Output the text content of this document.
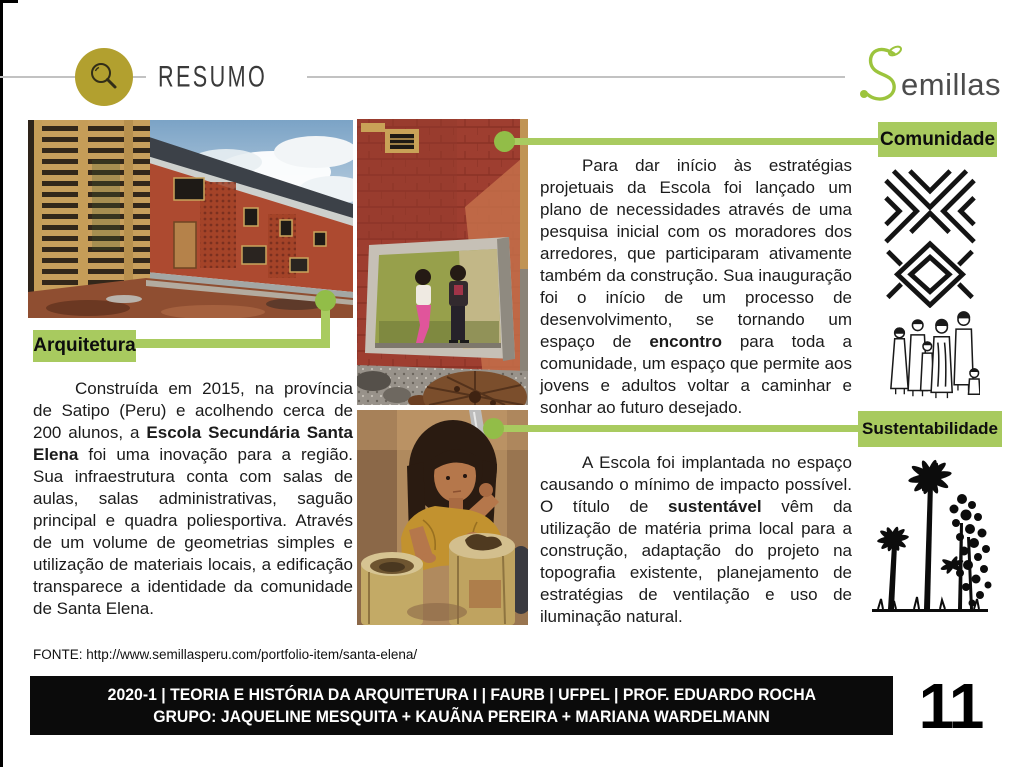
RESUMO	emillas
Arquitetura
Comunidade
Sustentabilidade
Construída em 2015, na província de Satipo (Peru) e acolhendo cerca de 200 alunos, a Escola Secundária Santa Elena foi uma inovação para a região. Sua infraestrutura conta com salas de aulas, salas administrativas, saguão principal e quadra poliesportiva. Através de um volume de geometrias simples e utilização de materiais locais, a edificação transparece a identidade da comunidade de Santa Elena.
Para dar início às estratégias projetuais da Escola foi lançado um plano de necessidades através de uma pesquisa inicial com os moradores dos arredores, que participaram ativamente também da construção. Sua inauguração foi o início de um processo de desenvolvimento, se tornando um espaço de encontro para toda a comunidade, um espaço que permite aos jovens e adultos voltar a caminhar e sonhar ao futuro desejado.
A Escola foi implantada no espaço causando o mínimo de impacto possível. O título de sustentável vêm da utilização de matéria prima local para a construção, adaptação do projeto na topografia existente, planejamento de estratégias de ventilação e uso de iluminação natural.
FONTE: http://www.semillasperu.com/portfolio-item/santa-elena/
2020-1 | TEORIA E HISTÓRIA DA ARQUITETURA I | FAURB | UFPEL | PROF. EDUARDO ROCHA
GRUPO: JAQUELINE MESQUITA + KAUÃNA PEREIRA + MARIANA WARDELMANN 11
